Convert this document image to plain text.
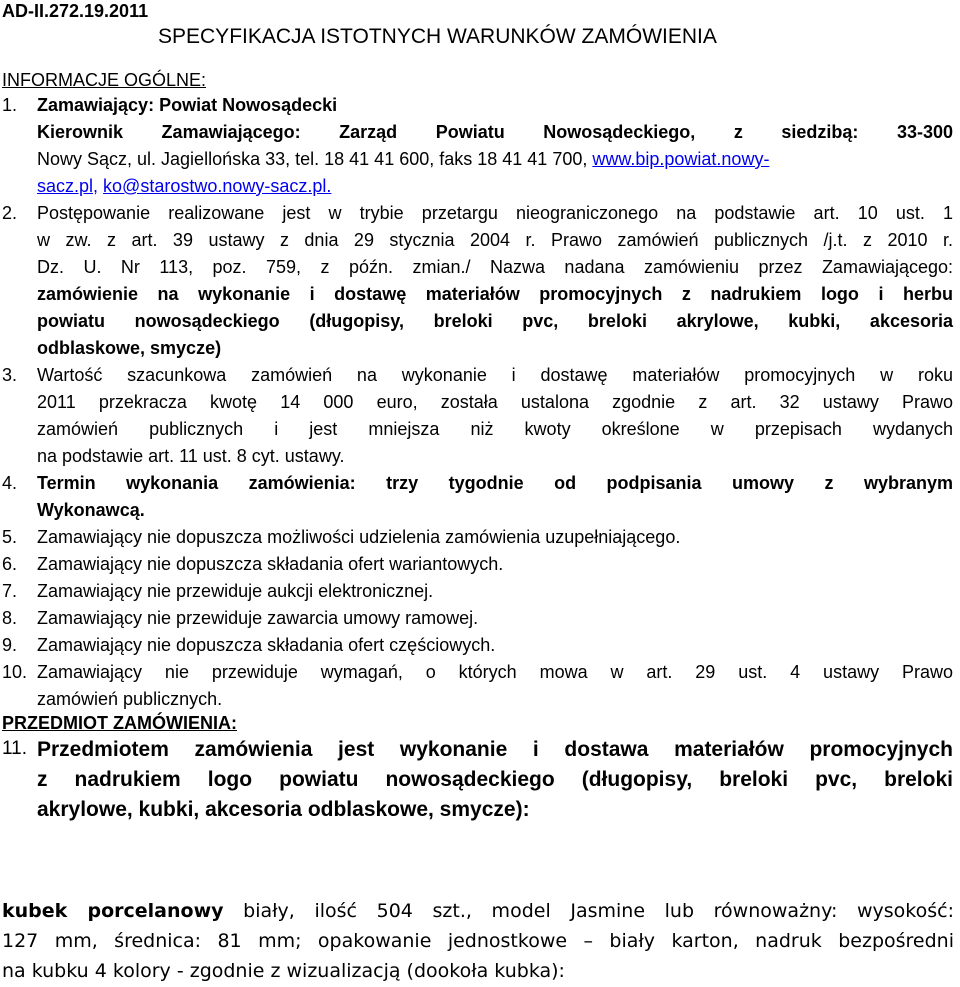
AD-II.272.19.2011
SPECYFIKACJA ISTOTNYCH WARUNKÓW ZAMÓWIENIA
INFORMACJE OGÓLNE:
1. Zamawiający: Powiat Nowosądecki
Kierownik Zamawiającego: Zarząd Powiatu Nowosądeckiego, z siedzibą: 33-300
Nowy Sącz, ul. Jagiellońska 33, tel. 18 41 41 600, faks 18 41 41 700, www.bip.powiat.nowy-
sacz.pl, ko@starostwo.nowy-sacz.pl.
2. Postępowanie realizowane jest w trybie przetargu nieograniczonego na podstawie art. 10 ust. 1
w zw. z art. 39 ustawy z dnia 29 stycznia 2004 r. Prawo zamówień publicznych /j.t. z 2010 r.
Dz. U. Nr 113, poz. 759, z późn. zmian./ Nazwa nadana zamówieniu przez Zamawiającego:
zamówienie na wykonanie i dostawę materiałów promocyjnych z nadrukiem logo i herbu
powiatu nowosądeckiego (długopisy, breloki pvc, breloki akrylowe, kubki, akcesoria
odblaskowe, smycze)
3. Wartość szacunkowa zamówień na wykonanie i dostawę materiałów promocyjnych w roku
2011 przekracza kwotę 14 000 euro, została ustalona zgodnie z art. 32 ustawy Prawo
zamówień publicznych i jest mniejsza niż kwoty określone w przepisach wydanych
na podstawie art. 11 ust. 8 cyt. ustawy.
4. Termin wykonania zamówienia: trzy tygodnie od podpisania umowy z wybranym
Wykonawcą.
5. Zamawiający nie dopuszcza możliwości udzielenia zamówienia uzupełniającego.
6. Zamawiający nie dopuszcza składania ofert wariantowych.
7. Zamawiający nie przewiduje aukcji elektronicznej.
8. Zamawiający nie przewiduje zawarcia umowy ramowej.
9. Zamawiający nie dopuszcza składania ofert częściowych.
10. Zamawiający nie przewiduje wymagań, o których mowa w art. 29 ust. 4 ustawy Prawo
zamówień publicznych.
PRZEDMIOT ZAMÓWIENIA:
11. Przedmiotem zamówienia jest wykonanie i dostawa materiałów promocyjnych
z nadrukiem logo powiatu nowosądeckiego (długopisy, breloki pvc, breloki
akrylowe, kubki, akcesoria odblaskowe, smycze):
kubek porcelanowy biały, ilość 504 szt., model Jasmine lub równoważny: wysokość:
127 mm, średnica: 81 mm; opakowanie jednostkowe – biały karton, nadruk bezpośredni
na kubku 4 kolory - zgodnie z wizualizacją (dookoła kubka):
